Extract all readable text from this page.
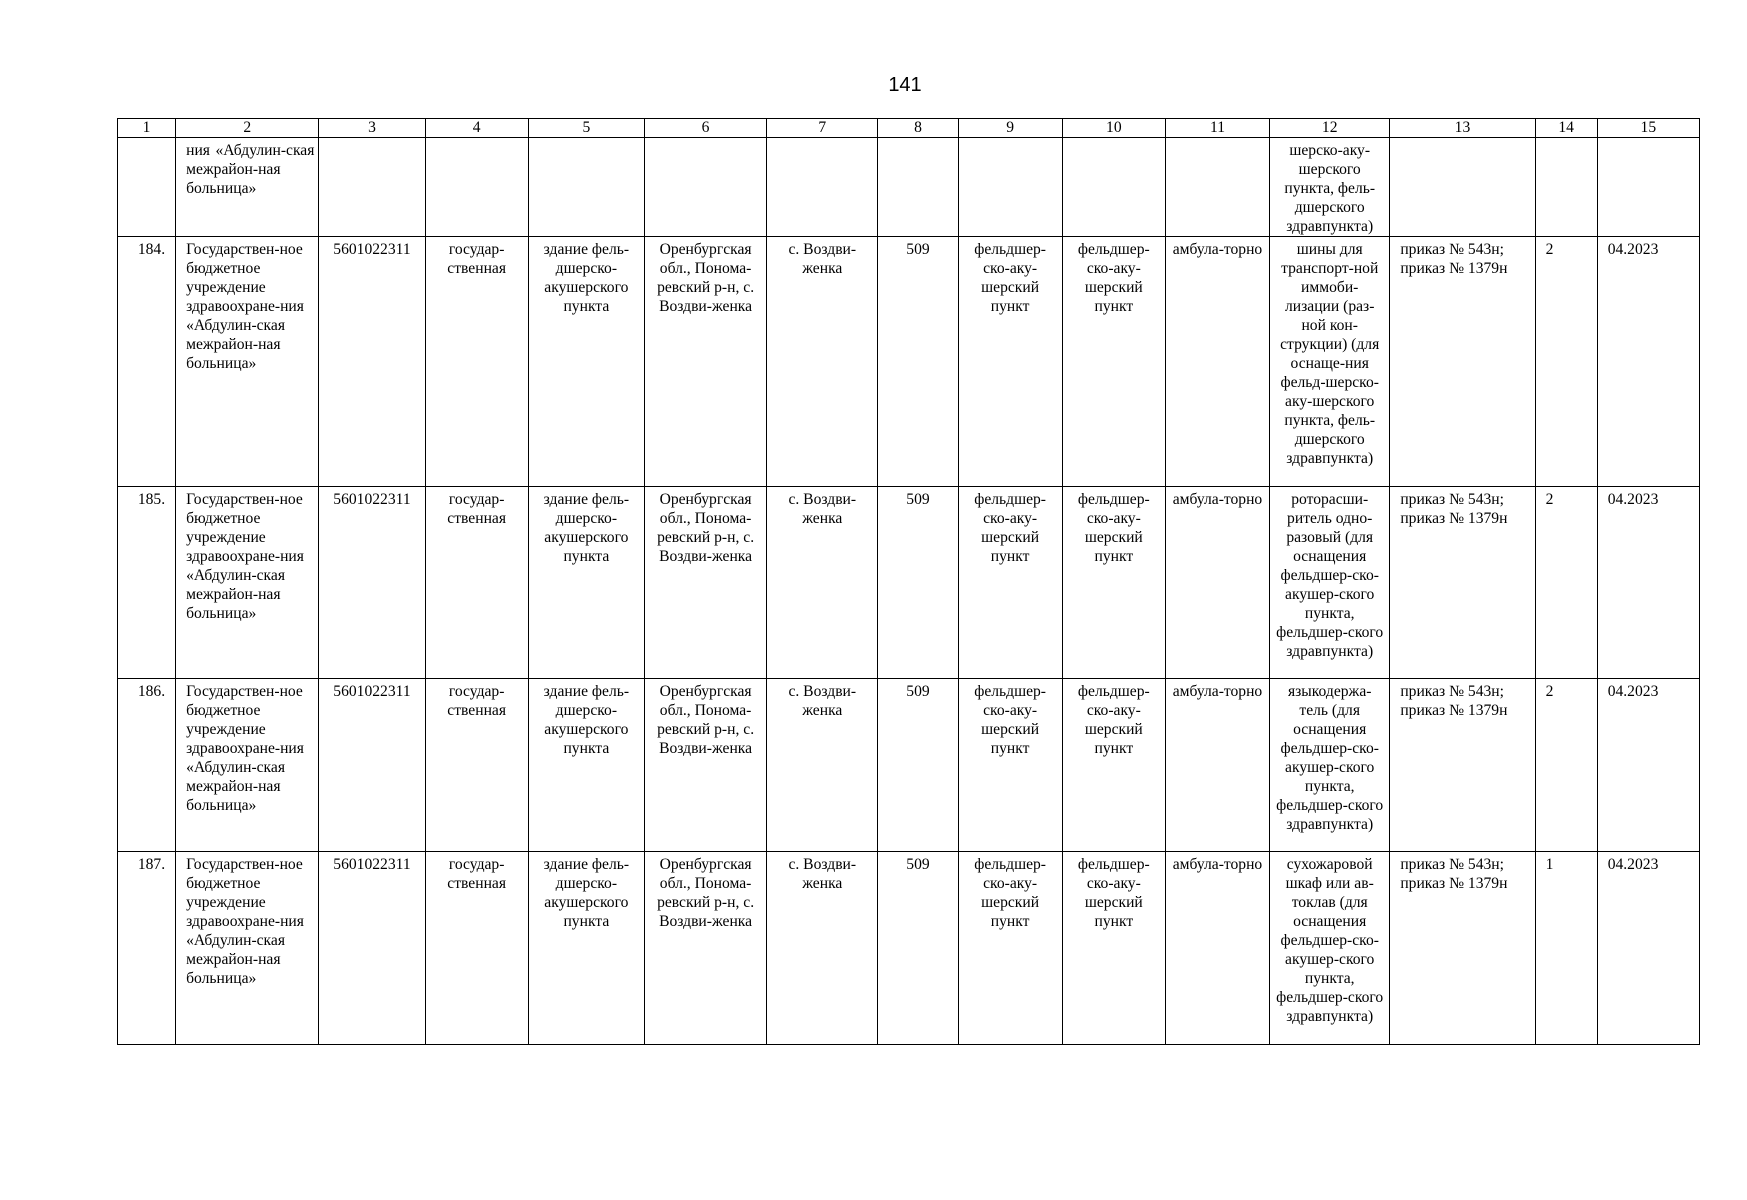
141
1	2	3	4	5	6	7	8	9	10	11	12	13	14	15
	ния «Абдулин-ская межрайон-ная больница»										шерско-аку-шерского пункта, фель-дшерского здравпункта)			
184.	Государствен-ное бюджетное учреждение здравоохране-ния «Абдулин-ская межрайон-ная больница»	5601022311	государ-ственная	здание фель-дшерско-акушерского пункта	Оренбургская обл., Понома-ревский р-н, с. Воздви-женка	с. Воздви-женка	509	фельдшер-ско-аку-шерский пункт	фельдшер-ско-аку-шерский пункт	амбула-торно	шины для транспорт-ной иммоби-лизации (раз-ной кон-струкции) (для оснаще-ния фельд-шерско-аку-шерского пункта, фель-дшерского здравпункта)	приказ № 543н; приказ № 1379н	2	04.2023
185.	Государствен-ное бюджетное учреждение здравоохране-ния «Абдулин-ская межрайон-ная больница»	5601022311	государ-ственная	здание фель-дшерско-акушерского пункта	Оренбургская обл., Понома-ревский р-н, с. Воздви-женка	с. Воздви-женка	509	фельдшер-ско-аку-шерский пункт	фельдшер-ско-аку-шерский пункт	амбула-торно	роторасши-ритель одно-разовый (для оснащения фельдшер-ско-акушер-ского пункта, фельдшер-ского здравпункта)	приказ № 543н; приказ № 1379н	2	04.2023
186.	Государствен-ное бюджетное учреждение здравоохране-ния «Абдулин-ская межрайон-ная больница»	5601022311	государ-ственная	здание фель-дшерско-акушерского пункта	Оренбургская обл., Понома-ревский р-н, с. Воздви-женка	с. Воздви-женка	509	фельдшер-ско-аку-шерский пункт	фельдшер-ско-аку-шерский пункт	амбула-торно	языкодержа-тель (для оснащения фельдшер-ско-акушер-ского пункта, фельдшер-ского здравпункта)	приказ № 543н; приказ № 1379н	2	04.2023
187.	Государствен-ное бюджетное учреждение здравоохране-ния «Абдулин-ская межрайон-ная больница»	5601022311	государ-ственная	здание фель-дшерско-акушерского пункта	Оренбургская обл., Понома-ревский р-н, с. Воздви-женка	с. Воздви-женка	509	фельдшер-ско-аку-шерский пункт	фельдшер-ско-аку-шерский пункт	амбула-торно	сухожаровой шкаф или ав-токлав (для оснащения фельдшер-ско-акушер-ского пункта, фельдшер-ского здравпункта)	приказ № 543н; приказ № 1379н	1	04.2023
